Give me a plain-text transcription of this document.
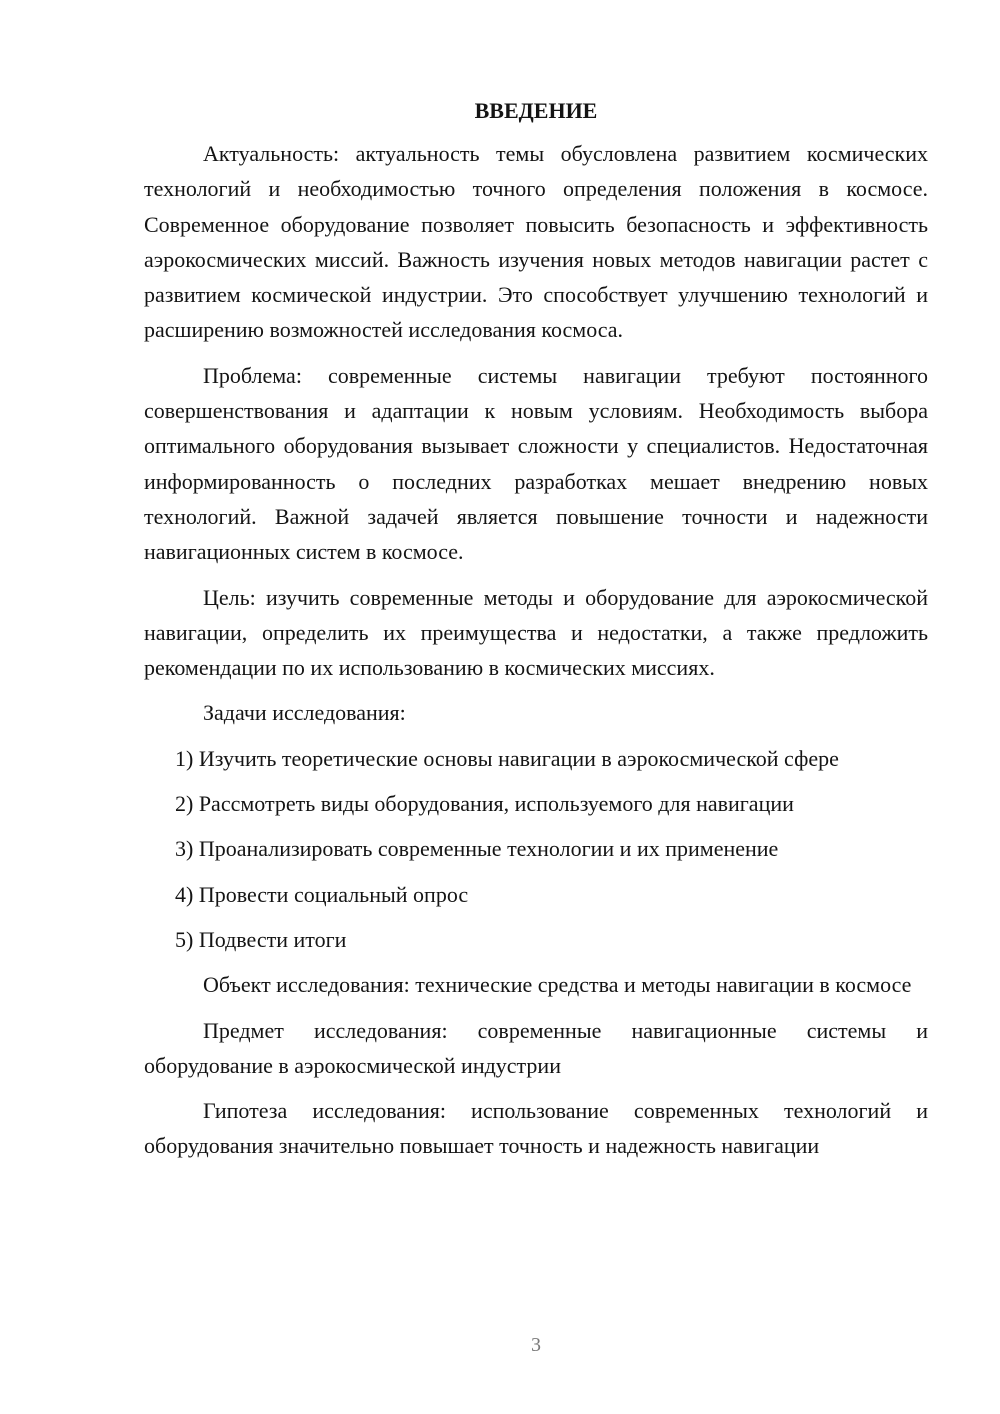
ВВЕДЕНИЕ

Актуальность: актуальность темы обусловлена развитием космических технологий и необходимостью точного определения положения в космосе. Современное оборудование позволяет повысить безопасность и эффективность аэрокосмических миссий. Важность изучения новых методов навигации растет с развитием космической индустрии. Это способствует улучшению технологий и расширению возможностей исследования космоса.

Проблема: современные системы навигации требуют постоянного совершенствования и адаптации к новым условиям. Необходимость выбора оптимального оборудования вызывает сложности у специалистов. Недостаточная информированность о последних разработках мешает внедрению новых технологий. Важной задачей является повышение точности и надежности навигационных систем в космосе.

Цель: изучить современные методы и оборудование для аэрокосмической навигации, определить их преимущества и недостатки, а также предложить рекомендации по их использованию в космических миссиях.

Задачи исследования:

1) Изучить теоретические основы навигации в аэрокосмической сфере
2) Рассмотреть виды оборудования, используемого для навигации
3) Проанализировать современные технологии и их применение
4) Провести социальный опрос
5) Подвести итоги

Объект исследования: технические средства и методы навигации в космосе

Предмет исследования: современные навигационные системы и оборудование в аэрокосмической индустрии

Гипотеза исследования: использование современных технологий и оборудования значительно повышает точность и надежность навигации

3
